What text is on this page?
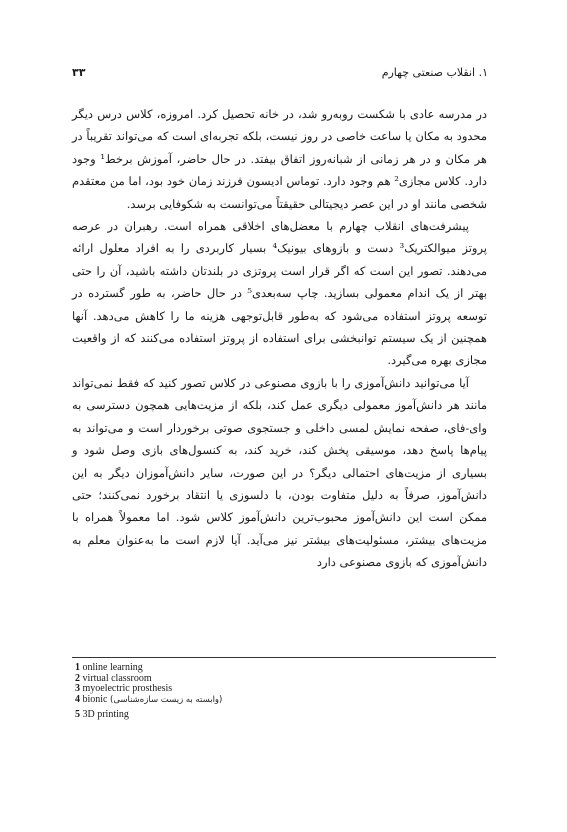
۱. انقلاب صنعتی چهارم
۳۳

در مدرسه عادی با شکست روبه‌رو شد، در خانه تحصیل کرد. امروزه، کلاس درس دیگر محدود به مکان یا ساعت خاصی در روز نیست، بلکه تجربه‌ای است که می‌تواند تقریباً در هر مکان و در هر زمانی از شبانه‌روز اتفاق بیفتد. در حال حاضر، آموزش برخط¹ وجود دارد. کلاس مجازی² هم وجود دارد. توماس ادیسون فرزند زمان خود بود، اما من معتقدم شخصی مانند او در این عصر دیجیتالی حقیقتاً می‌توانست به شکوفایی برسد.

پیشرفت‌های انقلاب چهارم با معضل‌های اخلاقی همراه است. رهبران در عرصه پروتز میوالکتریک³ دست و بازوهای بیونیک⁴ بسیار کاربردی را به افراد معلول ارائه می‌دهند. تصور این است که اگر قرار است پروتزی در بلندتان داشته باشید، آن را حتی بهتر از یک اندام معمولی بسازید. چاپ سه‌بعدی⁵ در حال حاضر، به طور گسترده در توسعه پروتز استفاده می‌شود که به‌طور قابل‌توجهی هزینه ما را کاهش می‌دهد. آنها همچنین از یک سیستم توانبخشی برای استفاده از پروتز استفاده می‌کنند که از واقعیت مجازی بهره می‌گیرد.

آیا می‌توانید دانش‌آموزی را با بازوی مصنوعی در کلاس تصور کنید که فقط نمی‌تواند مانند هر دانش‌آموز معمولی دیگری عمل کند، بلکه از مزیت‌هایی همچون دسترسی به وای‌-فای، صفحه نمایش لمسی داخلی و جستجوی صوتی برخوردار است و می‌تواند به پیام‌ها پاسخ دهد، موسیقی پخش کند، خرید کند، به کنسول‌های بازی وصل شود و بسیاری از مزیت‌های احتمالی دیگر؟ در این صورت، سایر دانش‌آموزان دیگر به این دانش‌آموز، صرفاً به دلیل متفاوت بودن، با دلسوزی یا انتقاد برخورد نمی‌کنند؛ حتی ممکن است این دانش‌آموز محبوب‌ترین دانش‌آموز کلاس شود. اما معمولاً همراه با مزیت‌های بیشتر، مسئولیت‌های بیشتر نیز می‌آید. آیا لازم است ما به‌عنوان معلم به دانش‌آموزی که بازوی مصنوعی دارد

1 online learning

2 virtual classroom

3 myoelectric prosthesis

4 bionic (وابسته به زیست سازه‌شناسی)

5 3D printing
